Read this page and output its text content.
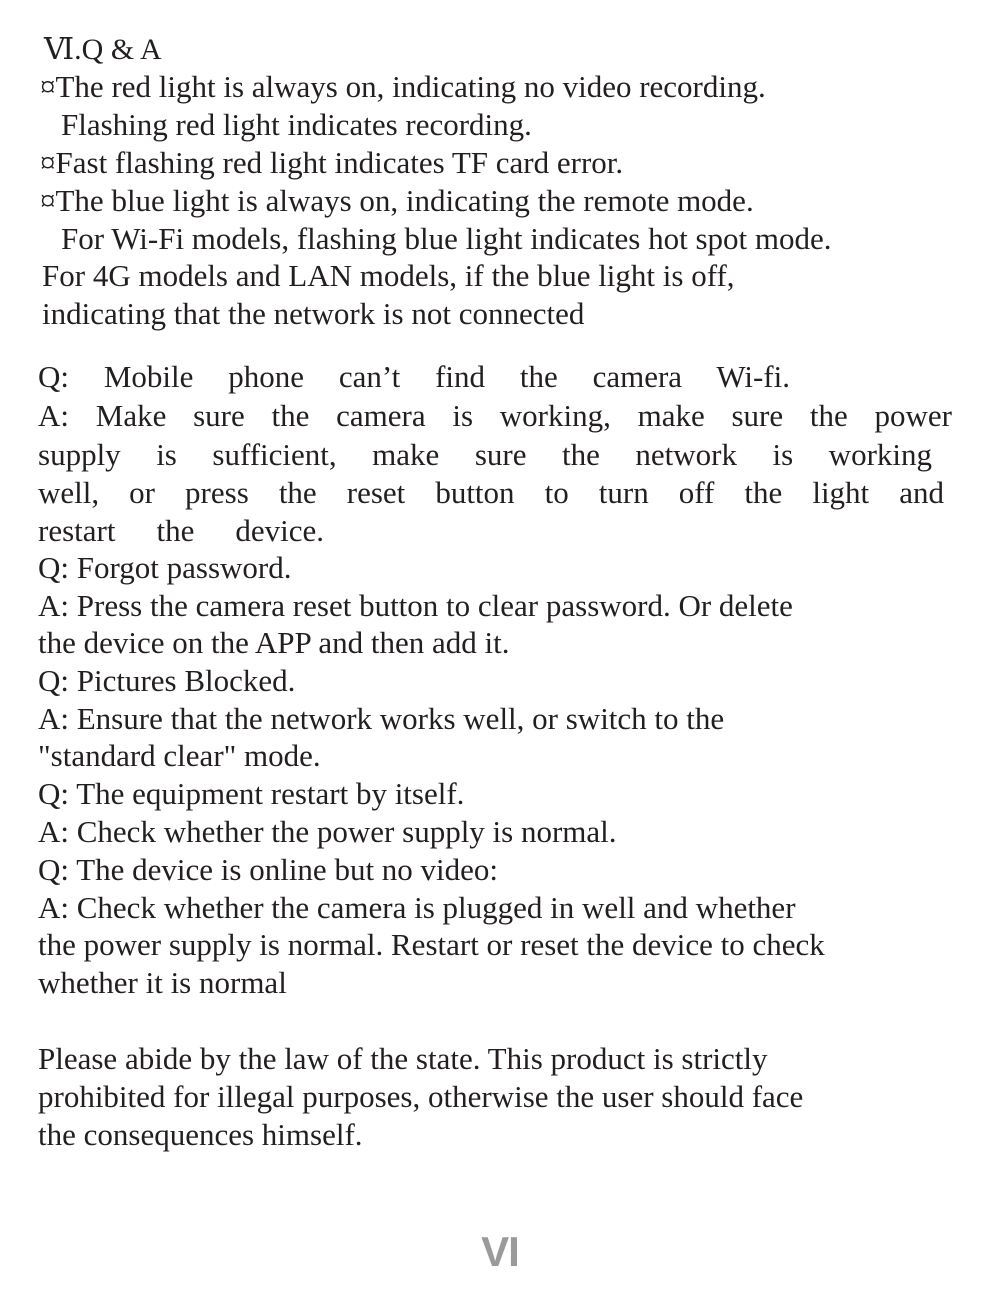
Ⅵ.Q & A
¤The red light is always on, indicating no video recording.
Flashing red light indicates recording.
¤Fast flashing red light indicates TF card error.
¤The blue light is always on, indicating the remote mode.
For Wi-Fi models, flashing blue light indicates hot spot mode.
For 4G models and LAN models, if the blue light is off,
indicating that the network is not connected
Q: Mobile phone can’t find the camera Wi-fi.
A: Make sure the camera is working, make sure the power
supply is sufficient, make sure the network is working
well, or press the reset button to turn off the light and
restart the device.
Q: Forgot password.
A: Press the camera reset button to clear password. Or delete
the device on the APP and then add it.
Q: Pictures Blocked.
A: Ensure that the network works well, or switch to the
"standard clear" mode.
Q: The equipment restart by itself.
A: Check whether the power supply is normal.
Q: The device is online but no video:
A: Check whether the camera is plugged in well and whether
the power supply is normal. Restart or reset the device to check
whether it is normal
Please abide by the law of the state. This product is strictly
prohibited for illegal purposes, otherwise the user should face
the consequences himself.
VI
